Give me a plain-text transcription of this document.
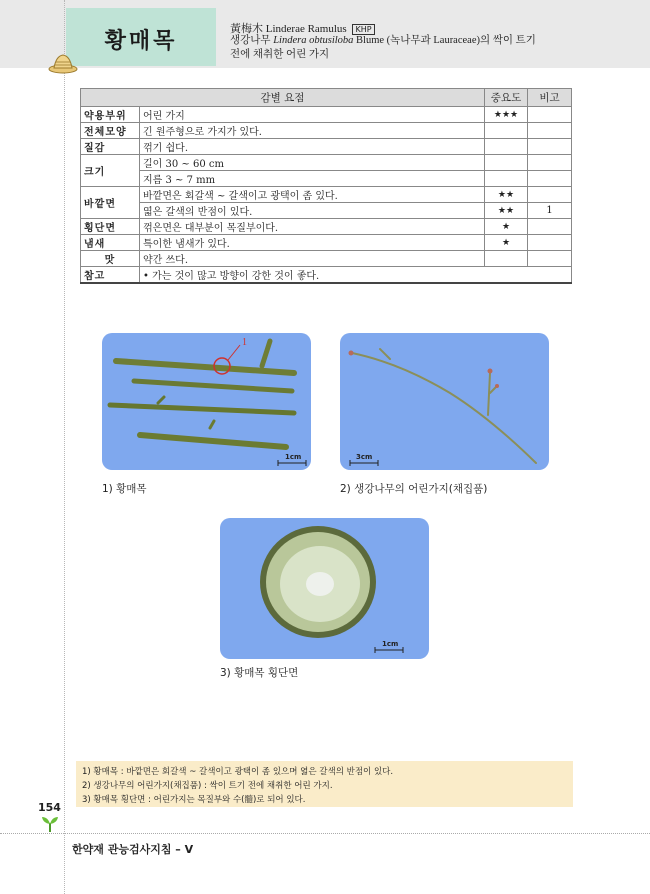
황매목	黃梅木 Linderae Ramulus KHP
생강나무 Lindera obtusiloba Blume (녹나무과 Lauraceae)의 싹이 트기
전에 채취한 어린 가지
감별 요점		중요도	비고
약용부위	어린 가지	★★★	
전체모양	긴 원주형으로 가지가 있다.		
질감	꺾기 쉽다.		
크기	길이 30 ~ 60 cm		
	지름 3 ~ 7 mm		
바깥면	바깥면은 회갈색 ~ 갈색이고 광택이 좀 있다.	★★	
	엷은 갈색의 반점이 있다.	★★	1
횡단면	꺾은면은 대부분이 목질부이다.	★	
냄새	특이한 냄새가 있다.	★	
맛	약간 쓰다.		
참고	• 가는 것이 많고 방향이 강한 것이 좋다.		
1
1cm
1) 황매목
3cm
2) 생강나무의 어린가지(채집품)
1cm
3) 황매목 횡단면
1) 황매목 : 바깥면은 회갈색 ~ 갈색이고 광택이 좀 있으며 엷은 갈색의 반점이 있다.
2) 생강나무의 어린가지(채집품) : 싹이 트기 전에 채취한 어린 가지.
3) 황매목 횡단면 : 어린가지는 목질부와 수(髓)로 되어 있다.
154
한약재 관능검사지침 – V
